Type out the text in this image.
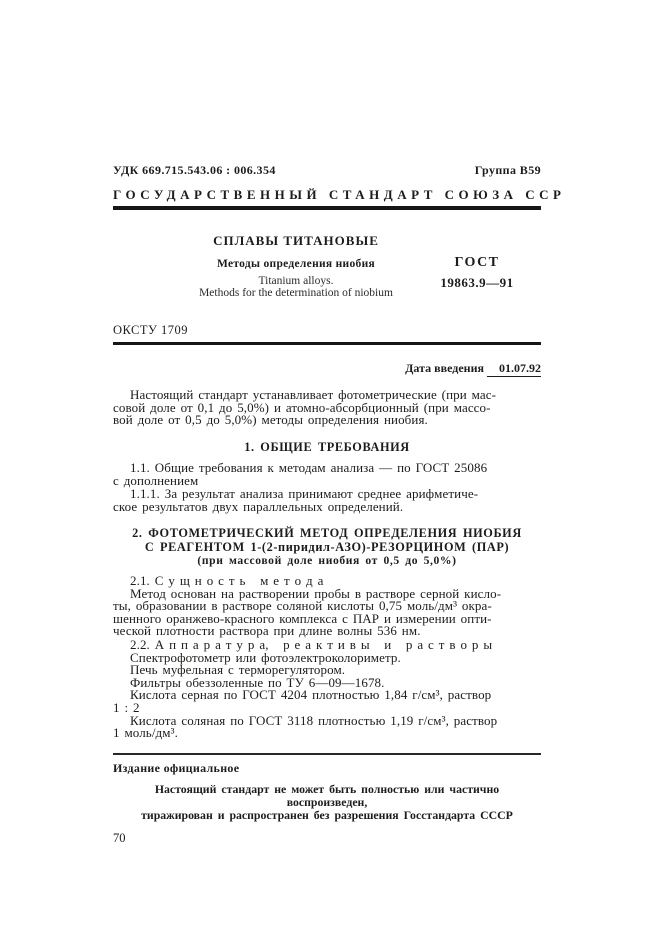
УДК 669.715.543.06 : 006.354	Группа В59
ГОСУДАРСТВЕННЫЙ СТАНДАРТ СОЮЗА ССР
СПЛАВЫ ТИТАНОВЫЕ
Методы определения ниобия
Titanium alloys.
Methods for the determination of niobium
ГОСТ
19863.9—91
ОКСТУ 1709
Дата введения 01.07.92
Настоящий стандарт устанавливает фотометрические (при мас-
совой доле от 0,1 до 5,0%) и атомно-абсорбционный (при массо-
вой доле от 0,5 до 5,0%) методы определения ниобия.
1. ОБЩИЕ ТРЕБОВАНИЯ
1.1. Общие требования к методам анализа — по ГОСТ 25086
с дополнением
1.1.1. За результат анализа принимают среднее арифметиче-
ское результатов двух параллельных определений.
2. ФОТОМЕТРИЧЕСКИЙ МЕТОД ОПРЕДЕЛЕНИЯ НИОБИЯ
С РЕАГЕНТОМ 1-(2-пиридил-АЗО)-РЕЗОРЦИНОМ (ПАР)
(при массовой доле ниобия от 0,5 до 5,0%)
2.1. С у щ н о с т ь   м е т о д а
Метод основан на растворении пробы в растворе серной кисло-
ты, образовании в растворе соляной кислоты 0,75 моль/дм³ окра-
шенного оранжево-красного комплекса с ПАР и измерении опти-
ческой плотности раствора при длине волны 536 нм.
2.2. А п п а р а т у р а,   р е а к т и в ы   и   р а с т в о р ы
Спектрофотометр или фотоэлектроколориметр.
Печь муфельная с терморегулятором.
Фильтры обеззоленные по ТУ 6—09—1678.
Кислота серная по ГОСТ 4204 плотностью 1,84 г/см³, раствор
1 : 2
Кислота соляная по ГОСТ 3118 плотностью 1,19 г/см³, раствор
1 моль/дм³.
Издание официальное
Настоящий стандарт не может быть полностью или частично воспроизведен,
тиражирован и распространен без разрешения Госстандарта СССР
70
